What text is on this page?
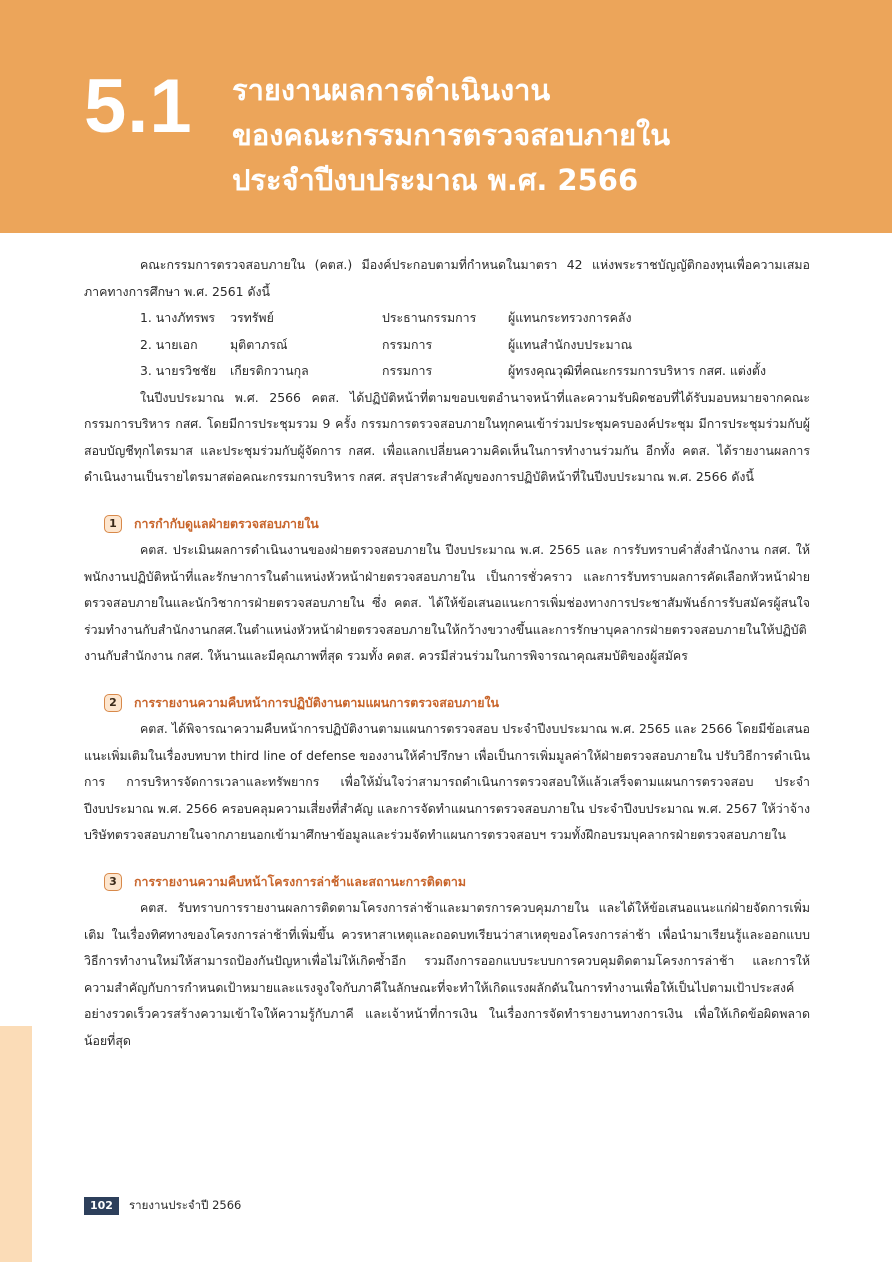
5.1 รายงานผลการดำเนินงาน
ของคณะกรรมการตรวจสอบภายใน
ประจำปีงบประมาณ พ.ศ. 2566

คณะกรรมการตรวจสอบภายใน (คตส.) มีองค์ประกอบตามที่กำหนดในมาตรา 42 แห่งพระราชบัญญัติกองทุนเพื่อความเสมอภาคทางการศึกษา พ.ศ. 2561 ดังนี้

1. นางภัทรพร วรทรัพย์	ประธานกรรมการ	ผู้แทนกระทรวงการคลัง
2. นายเอก	มุติตาภรณ์	กรรมการ	ผู้แทนสำนักงบประมาณ
3. นายรวิชชัย เกียรติกวานกุล	กรรมการ	ผู้ทรงคุณวุฒิที่คณะกรรมการบริหาร กสศ. แต่งตั้ง

ในปีงบประมาณ พ.ศ. 2566 คตส. ได้ปฏิบัติหน้าที่ตามขอบเขตอำนาจหน้าที่และความรับผิดชอบที่ได้รับมอบหมายจากคณะกรรมการบริหาร กสศ. โดยมีการประชุมรวม 9 ครั้ง กรรมการตรวจสอบภายในทุกคนเข้าร่วมประชุมครบองค์ประชุม มีการประชุมร่วมกับผู้สอบบัญชีทุกไตรมาส และประชุมร่วมกับผู้จัดการ กสศ. เพื่อแลกเปลี่ยนความคิดเห็นในการทำงานร่วมกัน อีกทั้ง คตส. ได้รายงานผลการดำเนินงานเป็นรายไตรมาสต่อคณะกรรมการบริหาร กสศ. สรุปสาระสำคัญของการปฏิบัติหน้าที่ในปีงบประมาณ พ.ศ. 2566 ดังนี้

1	การกำกับดูแลฝ่ายตรวจสอบภายใน

คตส. ประเมินผลการดำเนินงานของฝ่ายตรวจสอบภายใน ปีงบประมาณ พ.ศ. 2565 และ การรับทราบคำสั่งสำนักงาน กสศ. ให้พนักงานปฏิบัติหน้าที่และรักษาการในตำแหน่งหัวหน้าฝ่ายตรวจสอบภายใน เป็นการชั่วคราว และการรับทราบผลการคัดเลือกหัวหน้าฝ่ายตรวจสอบภายในและนักวิชาการฝ่ายตรวจสอบภายใน ซึ่ง คตส. ได้ให้ข้อเสนอแนะการเพิ่มช่องทางการประชาสัมพันธ์การรับสมัครผู้สนใจร่วมทำงานกับสำนักงานกสศ.ในตำแหน่งหัวหน้าฝ่ายตรวจสอบภายในให้กว้างขวางขึ้นและการรักษาบุคลากรฝ่ายตรวจสอบภายในให้ปฏิบัติงานกับสำนักงาน กสศ. ให้นานและมีคุณภาพที่สุด รวมทั้ง คตส. ควรมีส่วนร่วมในการพิจารณาคุณสมบัติของผู้สมัคร

2	การรายงานความคืบหน้าการปฏิบัติงานตามแผนการตรวจสอบภายใน

คตส. ได้พิจารณาความคืบหน้าการปฏิบัติงานตามแผนการตรวจสอบ ประจำปีงบประมาณ พ.ศ. 2565 และ 2566 โดยมีข้อเสนอแนะเพิ่มเติมในเรื่องบทบาท third line of defense ของงานให้คำปรึกษา เพื่อเป็นการเพิ่มมูลค่าให้ฝ่ายตรวจสอบภายใน ปรับวิธีการดำเนินการ การบริหารจัดการเวลาและทรัพยากร เพื่อให้มั่นใจว่าสามารถดำเนินการตรวจสอบให้แล้วเสร็จตามแผนการตรวจสอบ ประจำปีงบประมาณ พ.ศ. 2566 ครอบคลุมความเสี่ยงที่สำคัญ และการจัดทำแผนการตรวจสอบภายใน ประจำปีงบประมาณ พ.ศ. 2567 ให้ว่าจ้างบริษัทตรวจสอบภายในจากภายนอกเข้ามาศึกษาข้อมูลและร่วมจัดทำแผนการตรวจสอบฯ รวมทั้งฝึกอบรมบุคลากรฝ่ายตรวจสอบภายใน

3	การรายงานความคืบหน้าโครงการล่าช้าและสถานะการติดตาม

คตส. รับทราบการรายงานผลการติดตามโครงการล่าช้าและมาตรการควบคุมภายใน และได้ให้ข้อเสนอแนะแก่ฝ่ายจัดการเพิ่มเติม ในเรื่องทิศทางของโครงการล่าช้าที่เพิ่มขึ้น ควรหาสาเหตุและถอดบทเรียนว่าสาเหตุของโครงการล่าช้า เพื่อนำมาเรียนรู้และออกแบบวิธีการทำงานใหม่ให้สามารถป้องกันปัญหาเพื่อไม่ให้เกิดซ้ำอีก รวมถึงการออกแบบระบบการควบคุมติดตามโครงการล่าช้า และการให้ความสำคัญกับการกำหนดเป้าหมายและแรงจูงใจกับภาคีในลักษณะที่จะทำให้เกิดแรงผลักดันในการทำงานเพื่อให้เป็นไปตามเป้าประสงค์อย่างรวดเร็วควรสร้างความเข้าใจให้ความรู้กับภาคี และเจ้าหน้าที่การเงิน ในเรื่องการจัดทำรายงานทางการเงิน เพื่อให้เกิดข้อผิดพลาดน้อยที่สุด

102	รายงานประจำปี 2566
